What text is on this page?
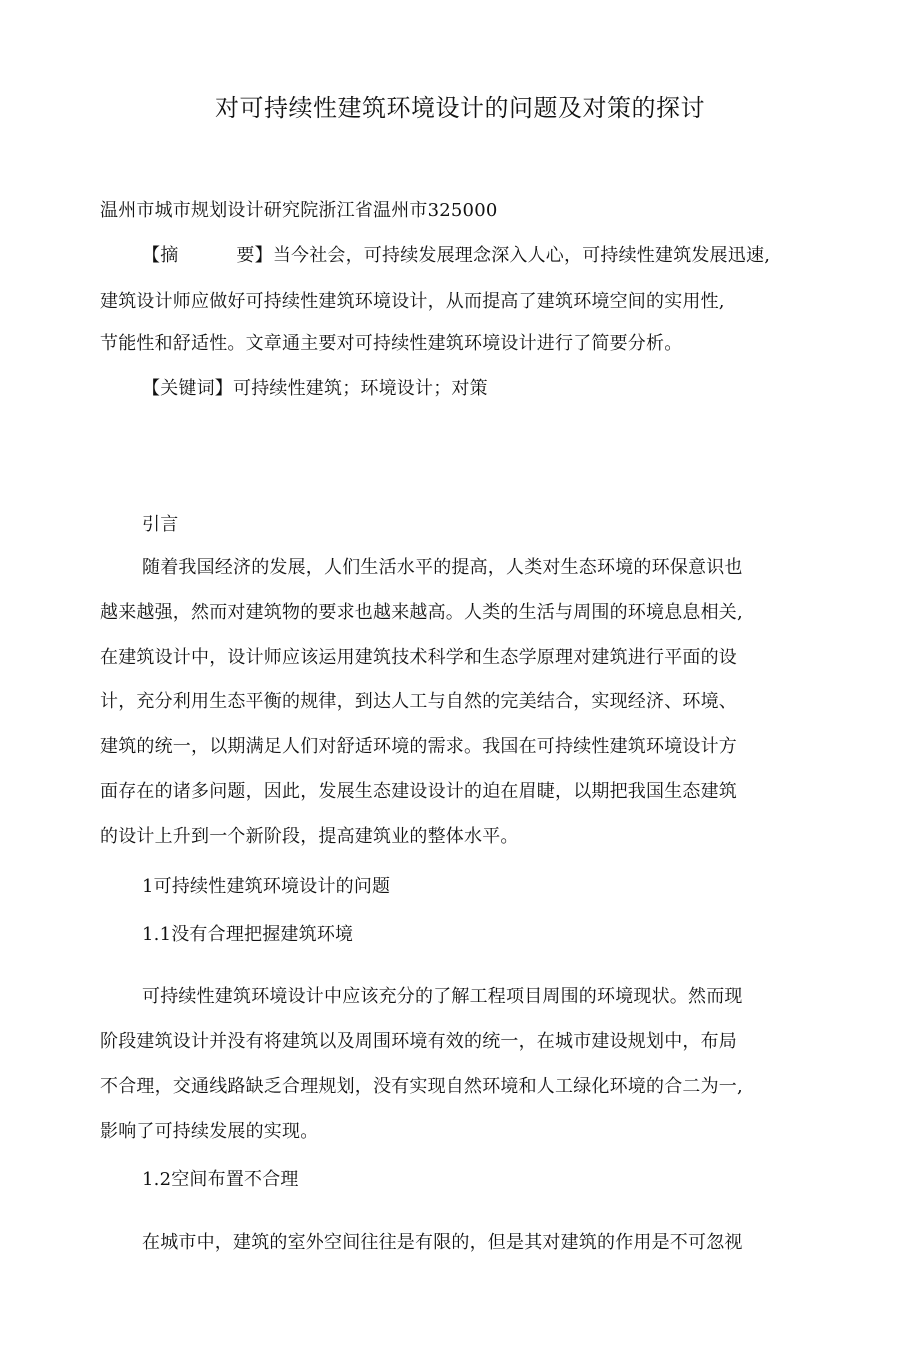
对可持续性建筑环境设计的问题及对策的探讨
温州市城市规划设计研究院浙江省温州市325000
【摘	要】当今社会，可持续发展理念深入人心，可持续性建筑发展迅速,
建筑设计师应做好可持续性建筑环境设计，从而提高了建筑环境空间的实用性,
节能性和舒适性。文章通主要对可持续性建筑环境设计进行了简要分析。
【关键词】可持续性建筑；环境设计；对策
引言
随着我国经济的发展，人们生活水平的提高，人类对生态环境的环保意识也
越来越强，然而对建筑物的要求也越来越高。人类的生活与周围的环境息息相关,
在建筑设计中，设计师应该运用建筑技术科学和生态学原理对建筑进行平面的设
计，充分利用生态平衡的规律，到达人工与自然的完美结合，实现经济、环境、
建筑的统一，以期满足人们对舒适环境的需求。我国在可持续性建筑环境设计方
面存在的诸多问题，因此，发展生态建设设计的迫在眉睫，以期把我国生态建筑
的设计上升到一个新阶段，提高建筑业的整体水平。
1可持续性建筑环境设计的问题
1.1没有合理把握建筑环境
可持续性建筑环境设计中应该充分的了解工程项目周围的环境现状。然而现
阶段建筑设计并没有将建筑以及周围环境有效的统一，在城市建设规划中，布局
不合理，交通线路缺乏合理规划，没有实现自然环境和人工绿化环境的合二为一,
影响了可持续发展的实现。
1.2空间布置不合理
在城市中，建筑的室外空间往往是有限的，但是其对建筑的作用是不可忽视
